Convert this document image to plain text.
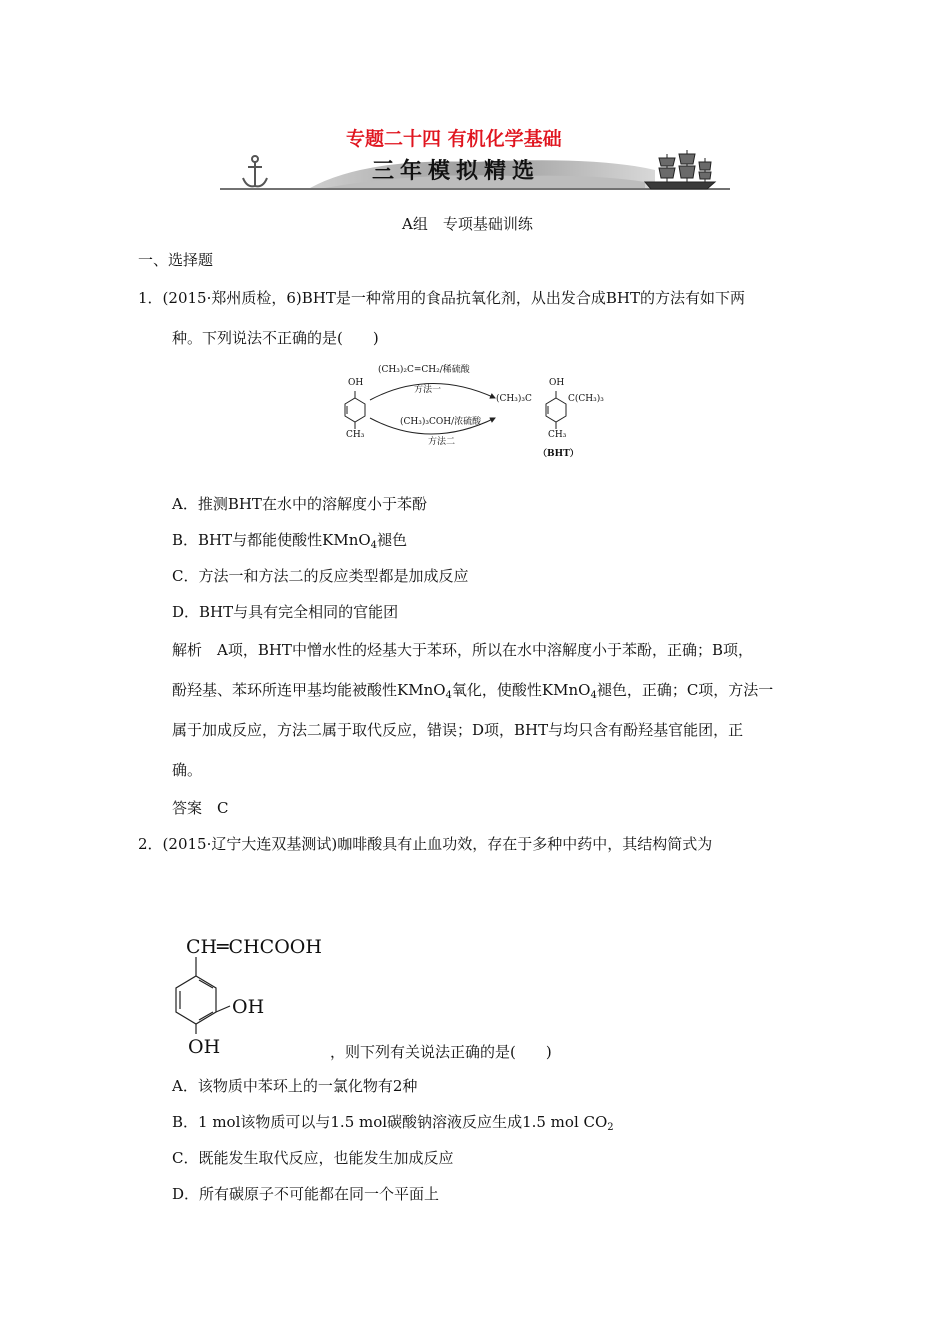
专题二十四 有机化学基础
三年模拟精选
A组　专项基础训练
一、选择题
1．(2015·郑州质检，6)BHT是一种常用的食品抗氧化剂，从出发合成BHT的方法有如下两
种。下列说法不正确的是(　　)
OH
CH₃
(CH₃)₂C=CH₂/稀硫酸
方法一
(CH₃)₃COH/浓硫酸
方法二
OH
(CH₃)₃C	C(CH₃)₃
CH₃
（BHT）
A．推测BHT在水中的溶解度小于苯酚
B．BHT与都能使酸性KMnO$_4$褪色
C．方法一和方法二的反应类型都是加成反应
D．BHT与具有完全相同的官能团
解析　A项，BHT中憎水性的烃基大于苯环，所以在水中溶解度小于苯酚，正确；B项，
酚羟基、苯环所连甲基均能被酸性KMnO$_4$氧化，使酸性KMnO$_4$褪色，正确；C项，方法一
属于加成反应，方法二属于取代反应，错误；D项，BHT与均只含有酚羟基官能团，正
确。
答案　C
2．(2015·辽宁大连双基测试)咖啡酸具有止血功效，存在于多种中药中，其结构简式为
CH═CHCOOH
OH
OH	，则下列有关说法正确的是(　　)
A．该物质中苯环上的一氯化物有2种
B．1 mol该物质可以与1.5 mol碳酸钠溶液反应生成1.5 mol $CO_2$
C．既能发生取代反应，也能发生加成反应
D．所有碳原子不可能都在同一个平面上
